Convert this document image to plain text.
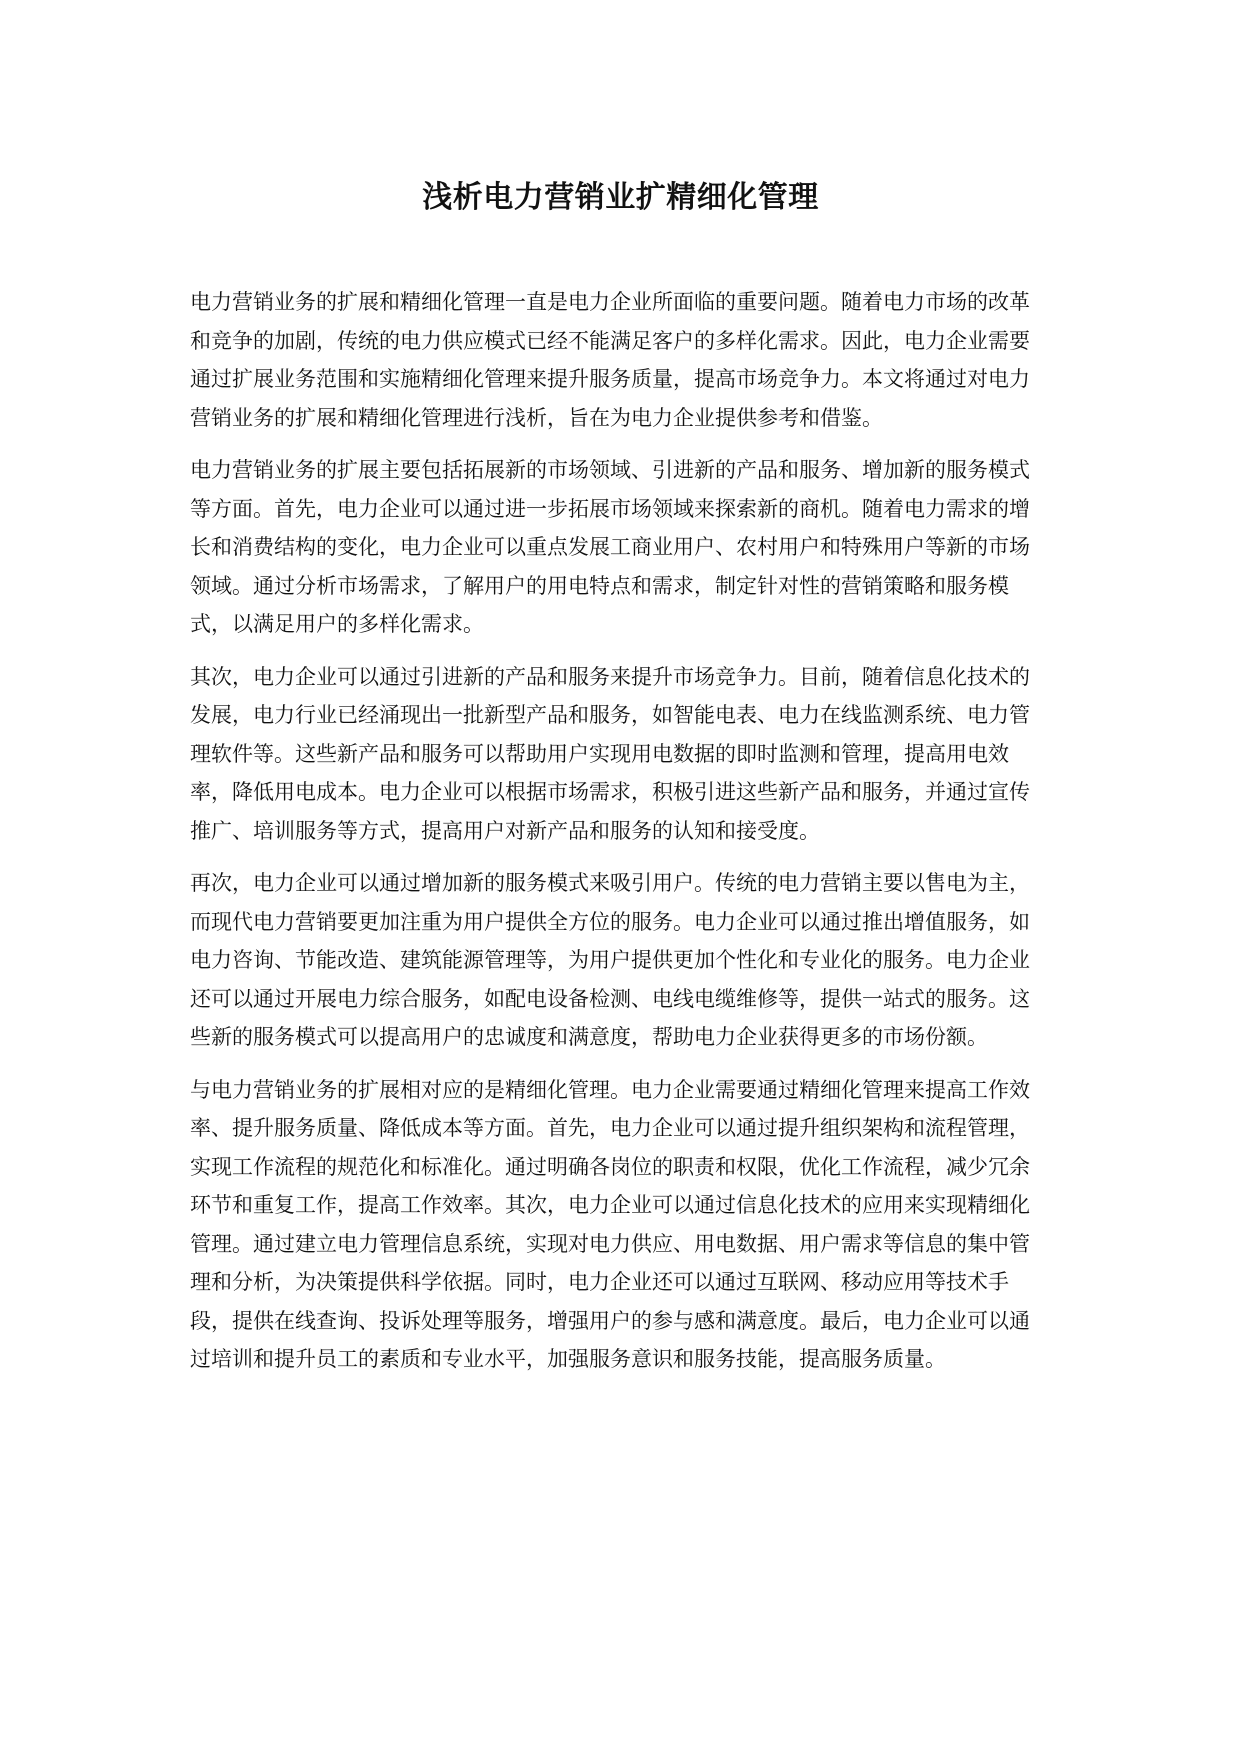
浅析电力营销业扩精细化管理

电力营销业务的扩展和精细化管理一直是电力企业所面临的重要问题。随着电力市场的改革和竞争的加剧，传统的电力供应模式已经不能满足客户的多样化需求。因此，电力企业需要通过扩展业务范围和实施精细化管理来提升服务质量，提高市场竞争力。本文将通过对电力营销业务的扩展和精细化管理进行浅析，旨在为电力企业提供参考和借鉴。

电力营销业务的扩展主要包括拓展新的市场领域、引进新的产品和服务、增加新的服务模式等方面。首先，电力企业可以通过进一步拓展市场领域来探索新的商机。随着电力需求的增长和消费结构的变化，电力企业可以重点发展工商业用户、农村用户和特殊用户等新的市场领域。通过分析市场需求，了解用户的用电特点和需求，制定针对性的营销策略和服务模式，以满足用户的多样化需求。

其次，电力企业可以通过引进新的产品和服务来提升市场竞争力。目前，随着信息化技术的发展，电力行业已经涌现出一批新型产品和服务，如智能电表、电力在线监测系统、电力管理软件等。这些新产品和服务可以帮助用户实现用电数据的即时监测和管理，提高用电效率，降低用电成本。电力企业可以根据市场需求，积极引进这些新产品和服务，并通过宣传推广、培训服务等方式，提高用户对新产品和服务的认知和接受度。

再次，电力企业可以通过增加新的服务模式来吸引用户。传统的电力营销主要以售电为主，而现代电力营销要更加注重为用户提供全方位的服务。电力企业可以通过推出增值服务，如电力咨询、节能改造、建筑能源管理等，为用户提供更加个性化和专业化的服务。电力企业还可以通过开展电力综合服务，如配电设备检测、电线电缆维修等，提供一站式的服务。这些新的服务模式可以提高用户的忠诚度和满意度，帮助电力企业获得更多的市场份额。

与电力营销业务的扩展相对应的是精细化管理。电力企业需要通过精细化管理来提高工作效率、提升服务质量、降低成本等方面。首先，电力企业可以通过提升组织架构和流程管理，实现工作流程的规范化和标准化。通过明确各岗位的职责和权限，优化工作流程，减少冗余环节和重复工作，提高工作效率。其次，电力企业可以通过信息化技术的应用来实现精细化管理。通过建立电力管理信息系统，实现对电力供应、用电数据、用户需求等信息的集中管理和分析，为决策提供科学依据。同时，电力企业还可以通过互联网、移动应用等技术手段，提供在线查询、投诉处理等服务，增强用户的参与感和满意度。最后，电力企业可以通过培训和提升员工的素质和专业水平，加强服务意识和服务技能，提高服务质量。
